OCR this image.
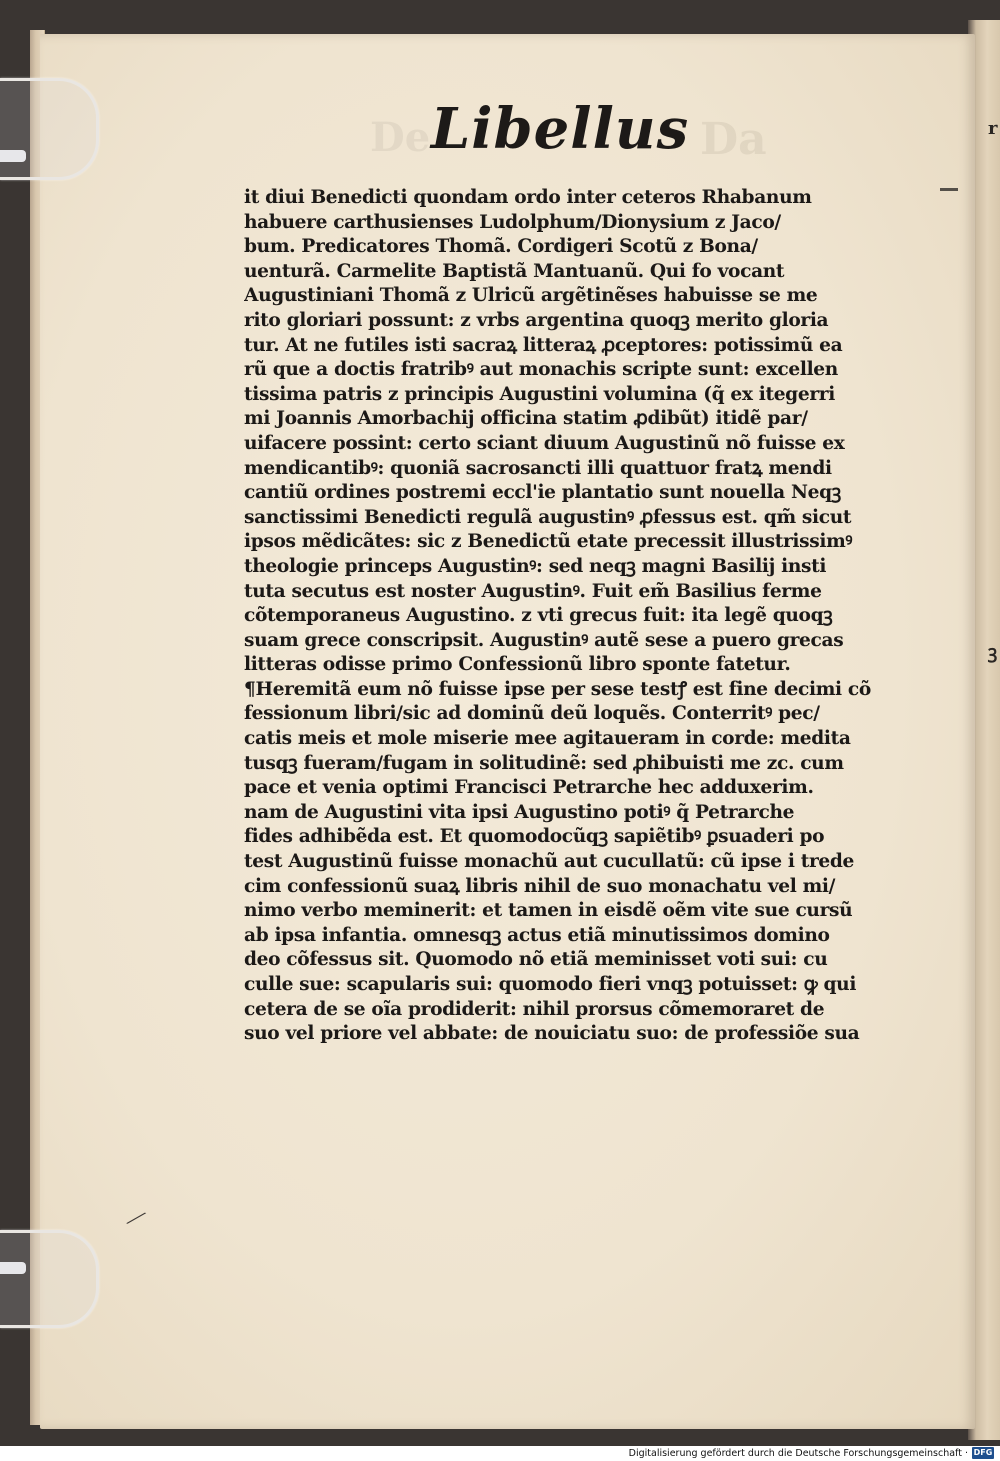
r
ꝫ
De	Da
Libellus
it diui Benedicti quondam ordo inter ceteros Rhabanum
habuere carthusienses Ludolphum/Dionysium z Jaco/
bum. Predicatores Thomã. Cordigeri Scotũ z Bona/
uenturã. Carmelite Baptistã Mantuanũ. Qui fo vocant
Augustiniani Thomã z Ulricũ argẽtinẽses habuisse se me
rito gloriari possunt: z vrbs argentina quoqꝫ merito gloria
tur. At ne futiles isti sacraꝝ litteraꝝ ꝓceptores: potissimũ ea
rũ que a doctis fratribꝰ aut monachis scripte sunt: excellen
tissima patris z principis Augustini volumina (q̃ ex itegerri
mi Joannis Amorbachij officina statim ꝓdibũt) itidẽ par/
uifacere possint: certo sciant diuum Augustinũ nõ fuisse ex
mendicantibꝰ: quoniã sacrosancti illi quattuor fratꝝ mendi
cantiũ ordines postremi eccl'ie plantatio sunt nouella Neqꝫ
sanctissimi Benedicti regulã augustinꝰ ꝓfessus est. qm̃ sicut
ipsos mẽdicãtes: sic z Benedictũ etate precessit illustrissimꝰ
theologie princeps Augustinꝰ: sed neqꝫ magni Basilij insti
tuta secutus est noster Augustinꝰ. Fuit em̃ Basilius ferme
cõtemporaneus Augustino. z vti grecus fuit: ita legẽ quoqꝫ
suam grece conscripsit. Augustinꝰ autẽ sese a puero grecas
litteras odisse primo Confessionũ libro sponte fatetur.
¶Heremitã eum nõ fuisse ipse per sese testꝭ est fine decimi cõ
fessionum libri/sic ad dominũ deũ loquẽs. Conterritꝰ pec/
catis meis et mole miserie mee agitaueram in corde: medita
tusqꝫ fueram/fugam in solitudinẽ: sed ꝓhibuisti me zc. cum
pace et venia optimi Francisci Petrarche hec adduxerim.
nam de Augustini vita ipsi Augustino potiꝰ q̃ Petrarche
fides adhibẽda est. Et quomodocũqꝫ sapiẽtibꝰ ꝑsuaderi po
test Augustinũ fuisse monachũ aut cucullatũ: cũ ipse i trede
cim confessionũ suaꝝ libris nihil de suo monachatu vel mi/
nimo verbo meminerit: et tamen in eisdẽ oẽm vite sue cursũ
ab ipsa infantia. omnesqꝫ actus etiã minutissimos domino
deo cõfessus sit. Quomodo nõ etiã meminisset voti sui: cu
culle sue: scapularis sui: quomodo fieri vnqꝫ potuisset: ꝙ qui
cetera de se oĩa prodiderit: nihil prorsus cõmemoraret de
suo vel priore vel abbate: de nouiciatu suo: de professiõe sua
⟋
Digitalisierung gefördert durch die Deutsche Forschungsgemeinschaft · DFG
